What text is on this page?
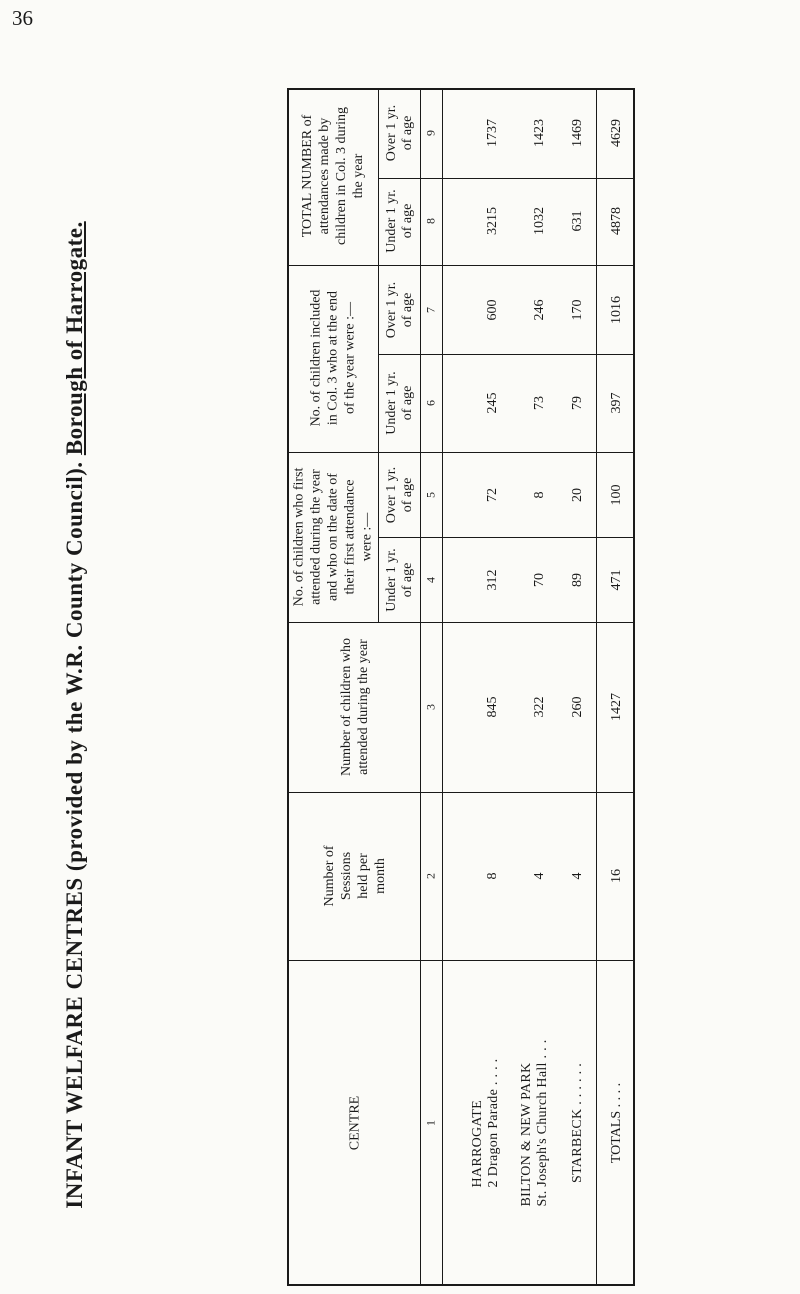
36
INFANT WELFARE CENTRES (provided by the W.R. County Council). Borough of Harrogate.
TOTAL NUMBER of attendances made by children in Col. 3 during the year
No. of children included in Col. 3 who at the end of the year were :—
No. of children who first attended during the year and who on the date of their first attendance were :—
Number of children who attended during the year
Number of Sessions held per month
CENTRE
Under 1 yr. of age
Over 1 yr. of age
Under 1 yr. of age
Over 1 yr. of age
Under 1 yr. of age
Over 1 yr. of age
1
2
3
4
5
6
7
8
9
HARROGATE 2 Dragon Parade . . . .
8
845
312
72
245
600
3215
1737
BILTON & NEW PARK St. Joseph's Church Hall . . .
4
322
70
8
73
246
1032
1423
STARBECK . . . . . .
4
260
89
20
79
170
631
1469
TOTALS . . . .
16
1427
471
100
397
1016
4878
4629
